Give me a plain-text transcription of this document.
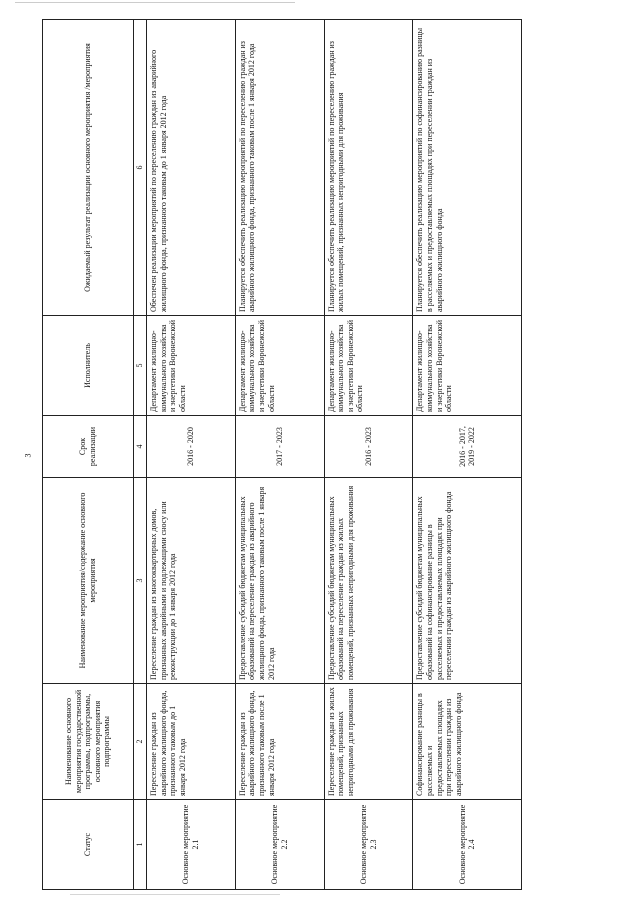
3
Статус	Наименование основного мероприятия государственной программы, подпрограммы, основного мероприятия подпрограммы	Наименование мероприятия/содержание основного мероприятия	Срок реализации	Исполнитель	Ожидаемый результат реализации основного мероприятия /мероприятия
1	2	3	4	5	6
Основное мероприятие 2.1	Переселение граждан из аварийного жилищного фонда, признанного таковым до 1 января 2012 года	Переселение граждан из многоквартирных домов, признанных аварийными и подлежащими сносу или реконструкции до 1 января 2012 года	2016 - 2020	Департамент жилищно-коммунального хозяйства и энергетики Воронежской области	Обеспечен реализации мероприятий по переселению граждан из аварийного жилищного фонда, признанного таковым до 1 января 2012 года
Основное мероприятие 2.2	Переселение граждан из аварийного жилищного фонда, признанного таковым после 1 января 2012 года	Предоставление субсидий бюджетам муниципальных образований на переселение граждан из аварийного жилищного фонда, признанного таковым после 1 января 2012 года	2017 - 2023	Департамент жилищно-коммунального хозяйства и энергетики Воронежской области	Планируется обеспечить реализацию мероприятий по переселению граждан из аварийного жилищного фонда, признанного таковым после 1 января 2012 года
Основное мероприятие 2.3	Переселение граждан из жилых помещений, признанных непригодными для проживания	Предоставление субсидий бюджетам муниципальных образований на переселение граждан из жилых помещений, признанных непригодными для проживания	2016 - 2023	Департамент жилищно-коммунального хозяйства и энергетики Воронежской области	Планируется обеспечить реализацию мероприятий по переселению граждан из жилых помещений, признанных непригодными для проживания
Основное мероприятие 2.4	Софинансирование разницы в расселяемых и предоставляемых площадях при переселении граждан из аварийного жилищного фонда	Предоставление субсидий бюджетам муниципальных образований на софинансирование разницы в расселяемых и предоставляемых площадях при переселении граждан из аварийного жилищного фонда	2016 - 2017, 2019 - 2022	Департамент жилищно-коммунального хозяйства и энергетики Воронежской области	Планируется обеспечить реализацию мероприятий по софинансированию разницы в расселяемых и предоставляемых площадях при переселении граждан из аварийного жилищного фонда
